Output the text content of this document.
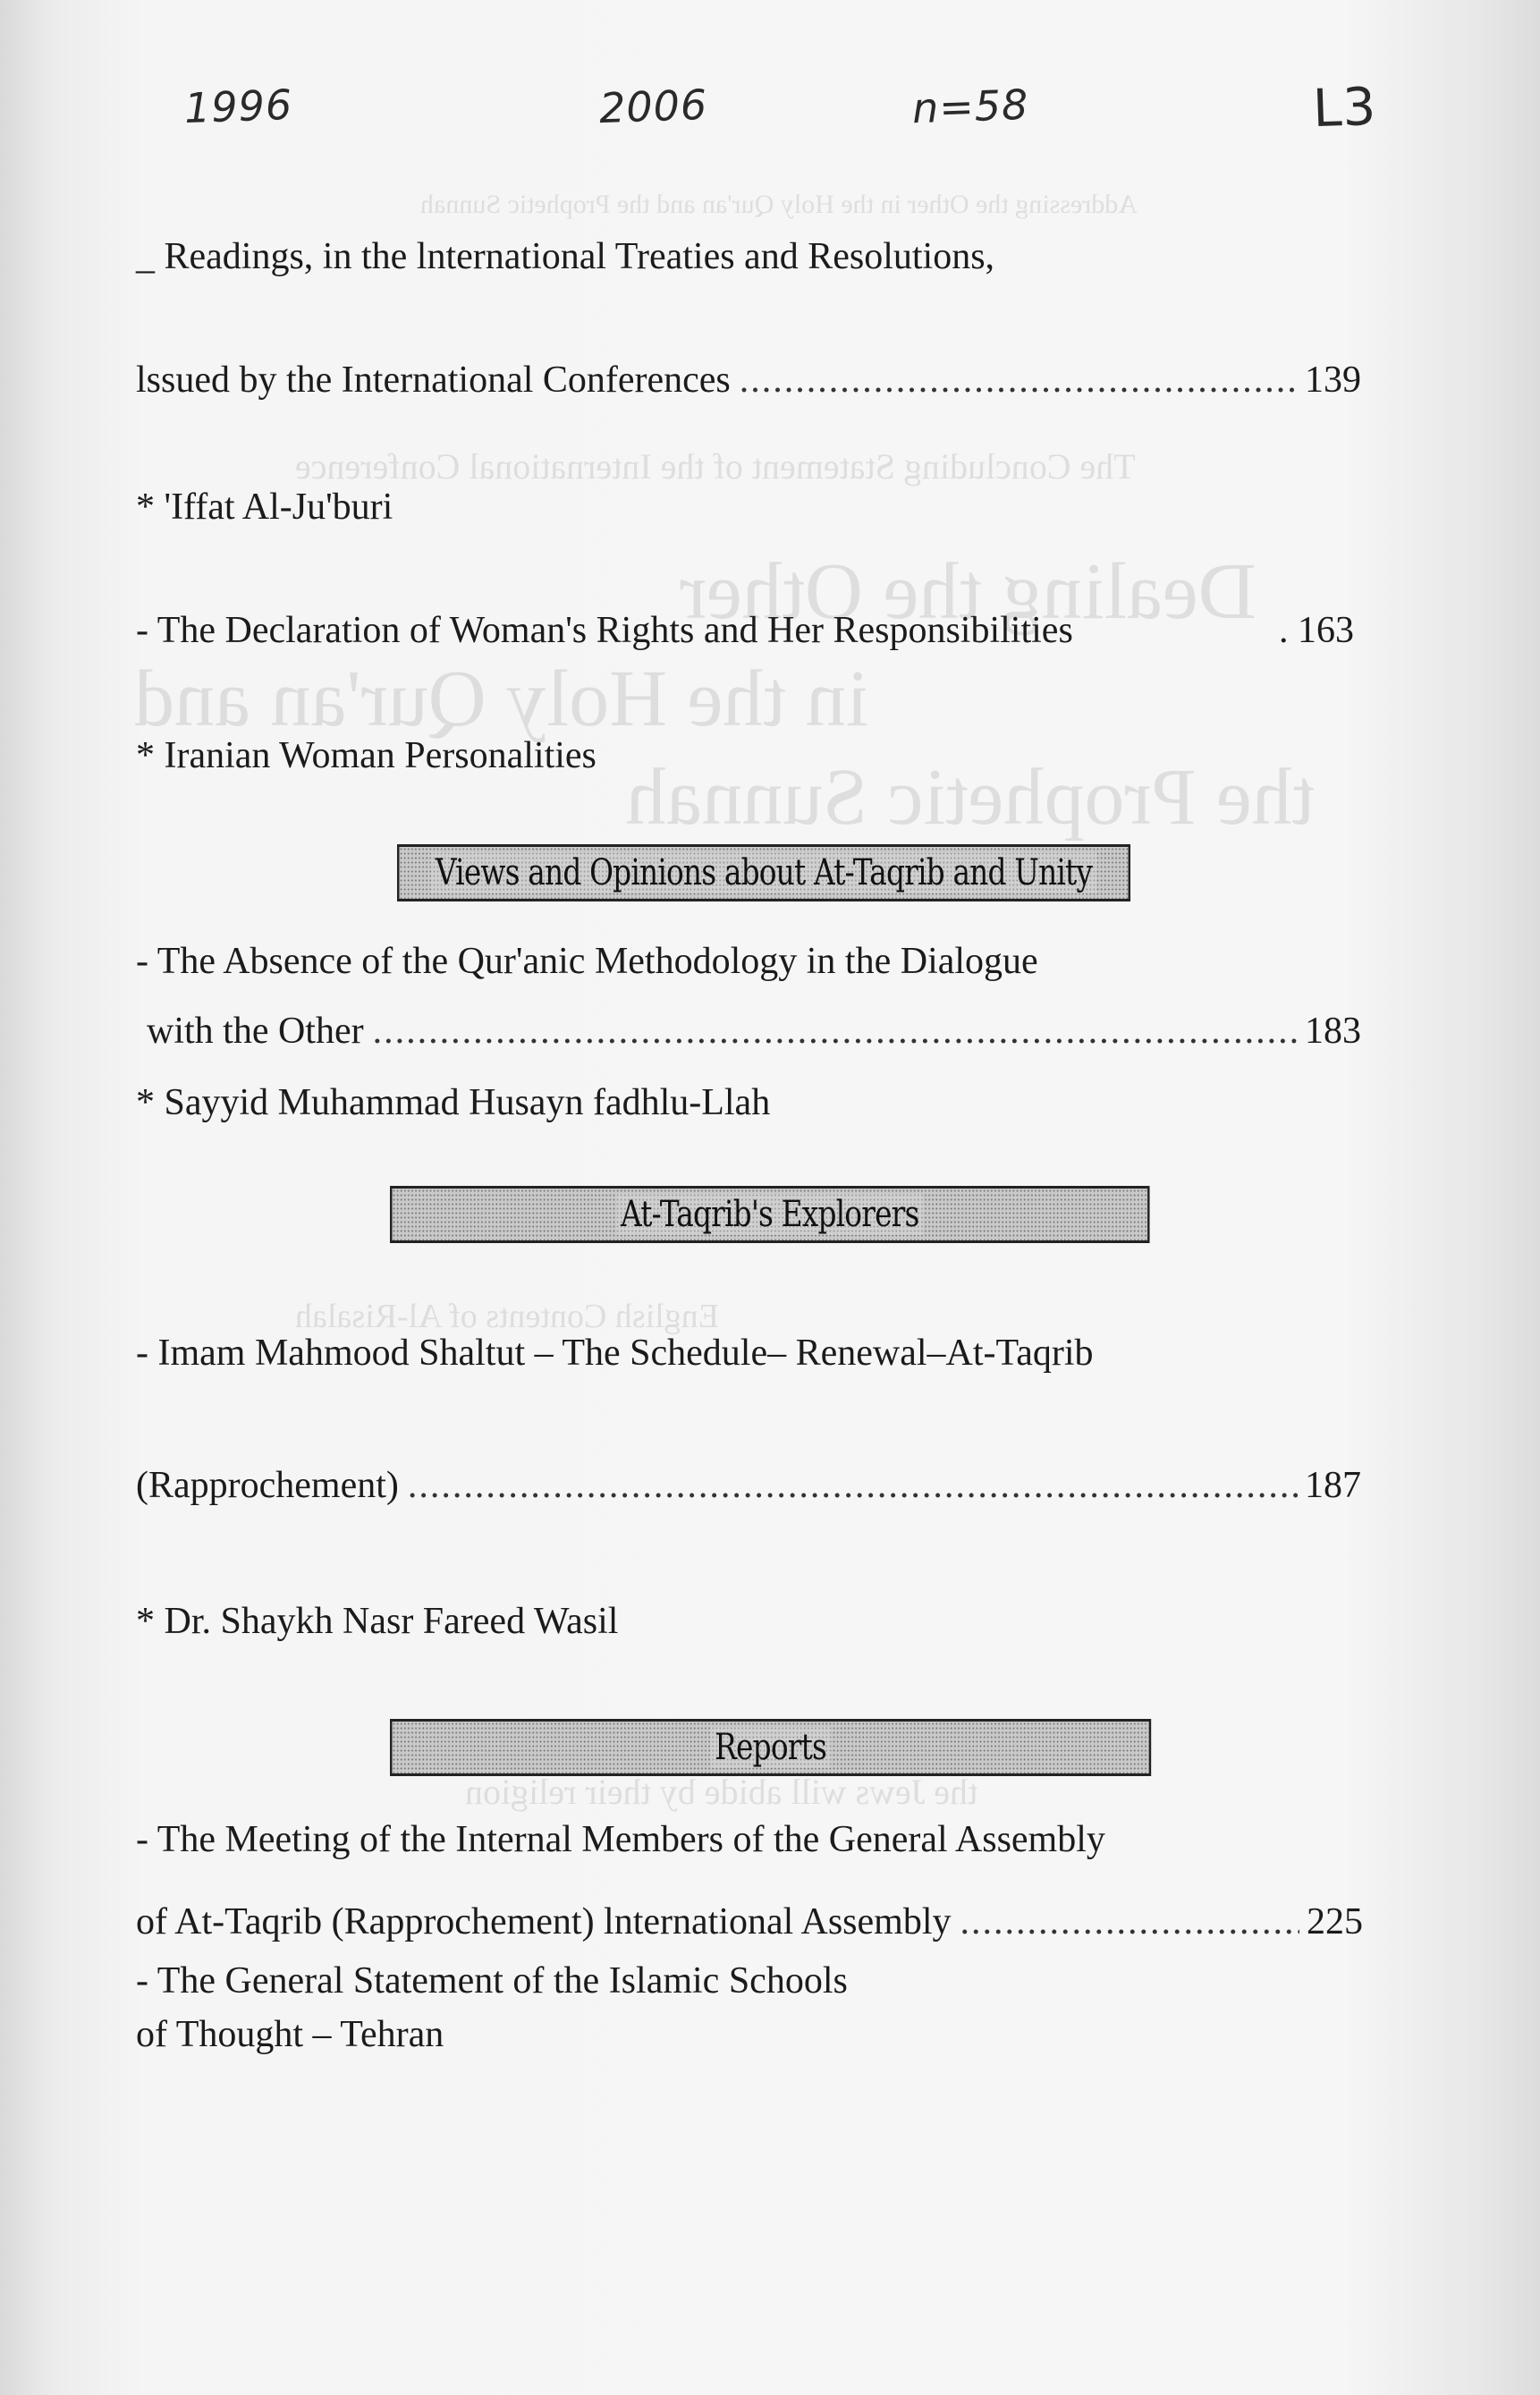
Addressing the Other in the Holy Qur'an and the Prophetic Sunnah
The Concluding Statement of the International Conference
Dealing the Other
in the Holy Qur'an and
the Prophetic Sunnah
English Contents of Al-Risalah
the Jews will abide by their religion
1996	2006	n=58	L3
_ Readings, in the lnternational Treaties and Resolutions,
lssued by the International Conferences .....	139
* 'Iffat Al-Ju'buri
- The Declaration of Woman's Rights and Her Responsibilities	. 163
* Iranian Woman Personalities
Views and Opinions about At-Taqrib and Unity
- The Absence of the Qur'anic Methodology in the Dialogue
with the Other .....	183
* Sayyid Muhammad Husayn fadhlu-Llah
At-Taqrib's Explorers
- Imam Mahmood Shaltut – The Schedule– Renewal–At-Taqrib
(Rapprochement) .....	187
* Dr. Shaykh Nasr Fareed Wasil
Reports
- The Meeting of the Internal Members of the General Assembly
of At-Taqrib (Rapprochement) lnternational Assembly .....	225
- The General Statement of the Islamic Schools
of Thought – Tehran
